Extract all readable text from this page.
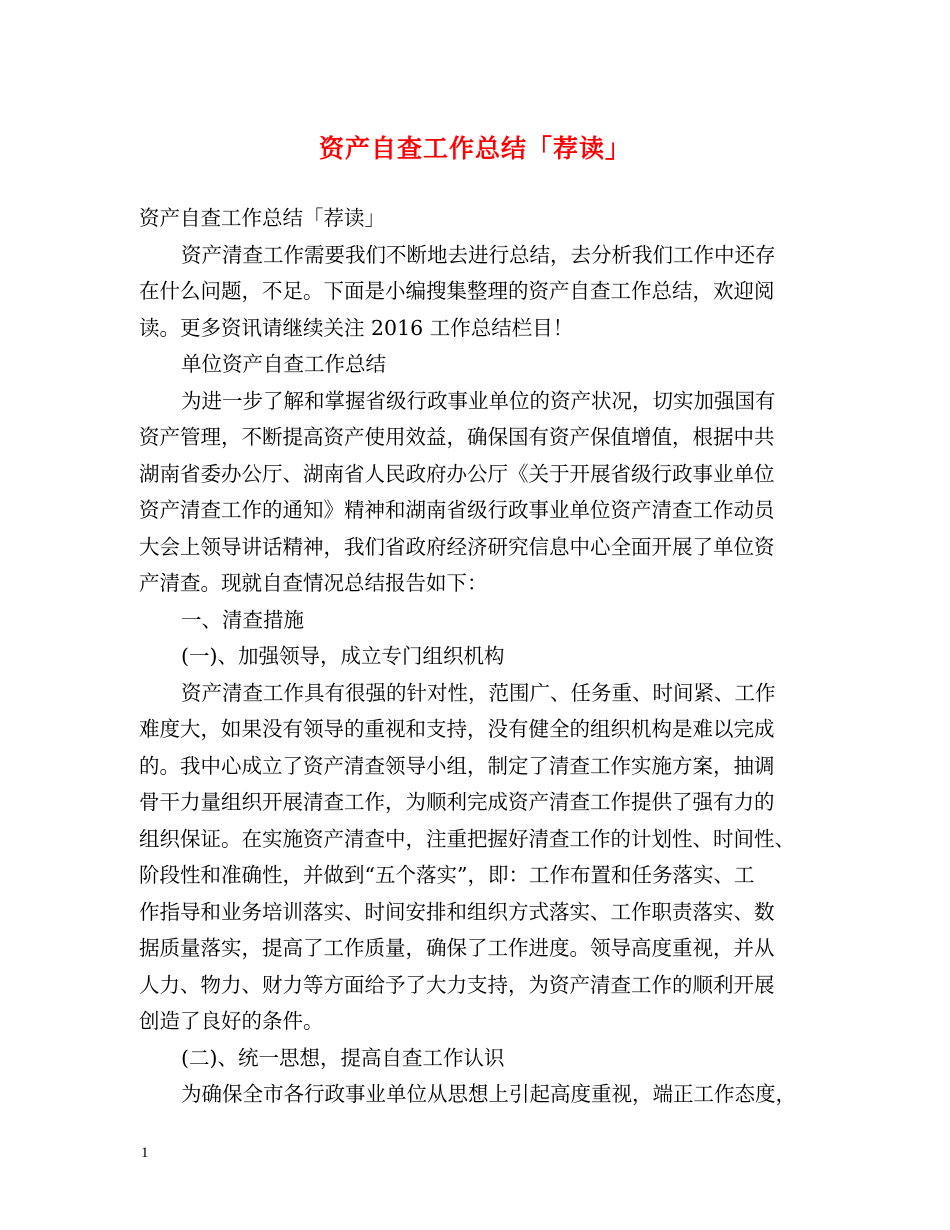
资产自查工作总结「荐读」
资产自查工作总结「荐读」
资产清查工作需要我们不断地去进行总结，去分析我们工作中还存
在什么问题，不足。下面是小编搜集整理的资产自查工作总结，欢迎阅
读。更多资讯请继续关注 2016 工作总结栏目！
单位资产自查工作总结
为进一步了解和掌握省级行政事业单位的资产状况，切实加强国有
资产管理，不断提高资产使用效益，确保国有资产保值增值，根据中共
湖南省委办公厅、湖南省人民政府办公厅《关于开展省级行政事业单位
资产清查工作的通知》精神和湖南省级行政事业单位资产清查工作动员
大会上领导讲话精神，我们省政府经济研究信息中心全面开展了单位资
产清查。现就自查情况总结报告如下：
一、清查措施
(一)、加强领导，成立专门组织机构
资产清查工作具有很强的针对性，范围广、任务重、时间紧、工作
难度大，如果没有领导的重视和支持，没有健全的组织机构是难以完成
的。我中心成立了资产清查领导小组，制定了清查工作实施方案，抽调
骨干力量组织开展清查工作，为顺利完成资产清查工作提供了强有力的
组织保证。在实施资产清查中，注重把握好清查工作的计划性、时间性、
阶段性和准确性，并做到“五个落实”，即：工作布置和任务落实、工
作指导和业务培训落实、时间安排和组织方式落实、工作职责落实、数
据质量落实，提高了工作质量，确保了工作进度。领导高度重视，并从
人力、物力、财力等方面给予了大力支持，为资产清查工作的顺利开展
创造了良好的条件。
(二)、统一思想，提高自查工作认识
为确保全市各行政事业单位从思想上引起高度重视，端正工作态度，
1
